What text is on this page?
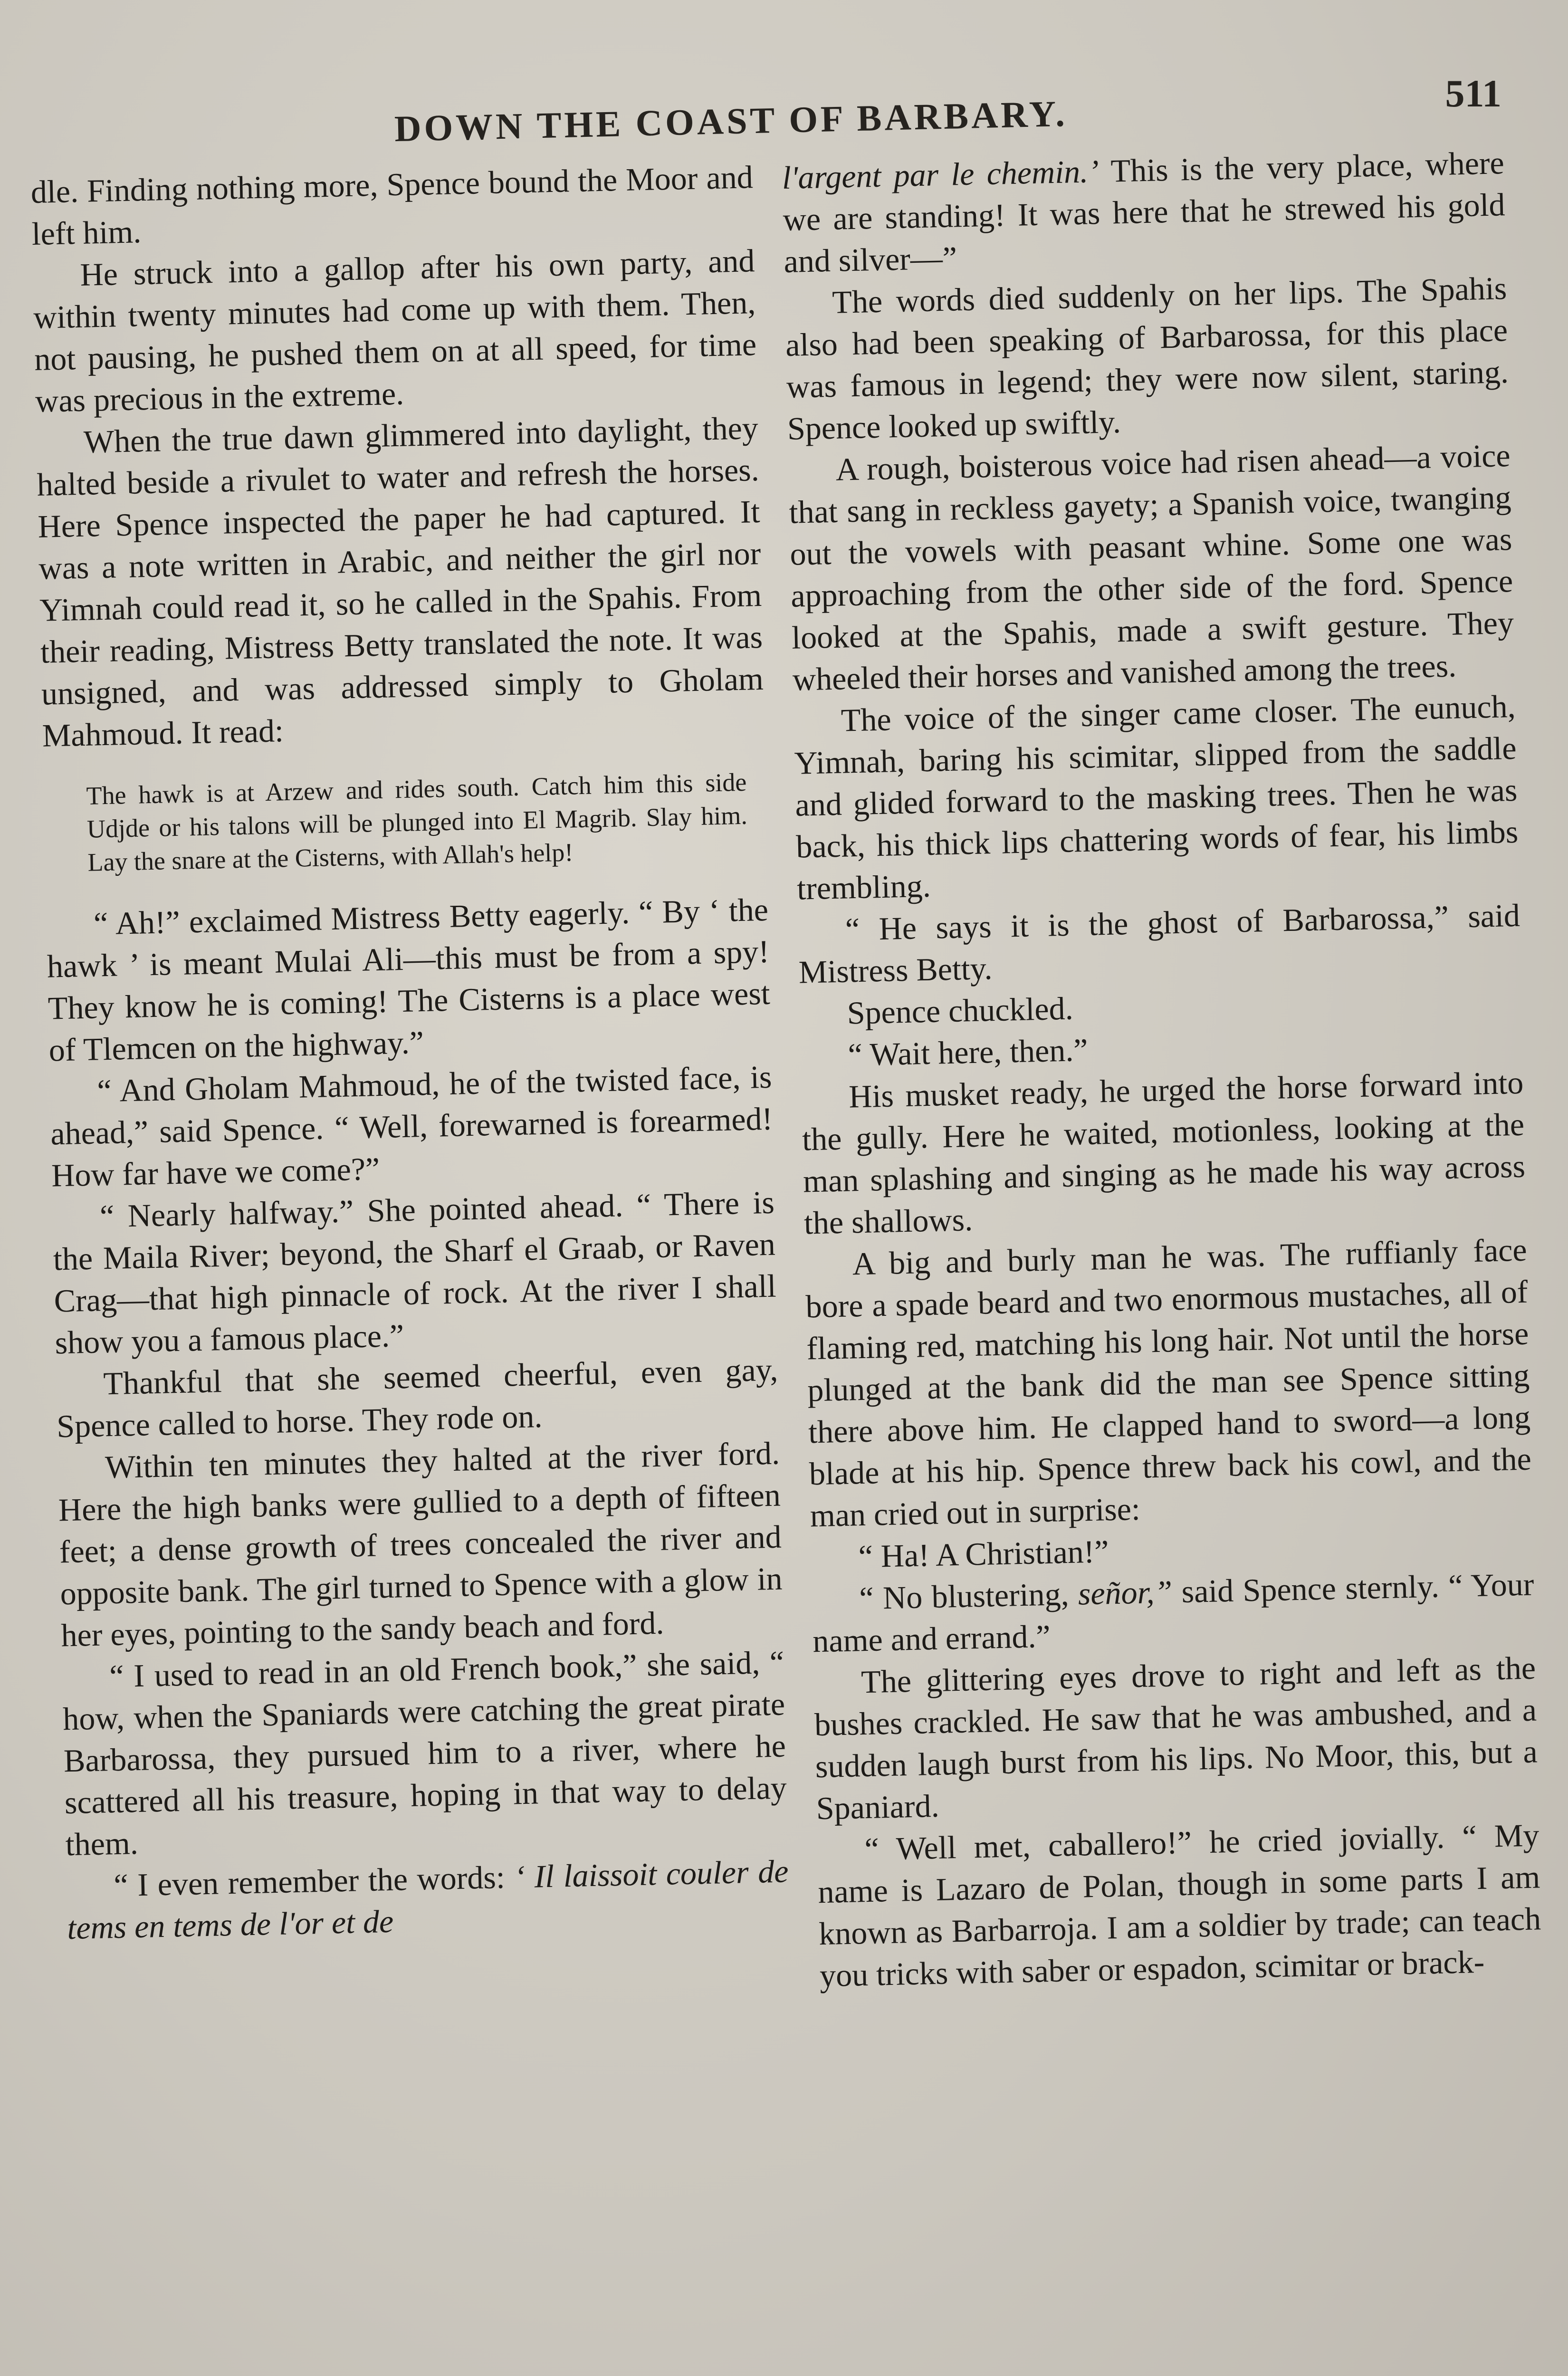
DOWN THE COAST OF BARBARY.	511

dle. Finding nothing more, Spence bound the Moor and left him.

He struck into a gallop after his own party, and within twenty minutes had come up with them. Then, not pausing, he pushed them on at all speed, for time was precious in the extreme.

When the true dawn glimmered into daylight, they halted beside a rivulet to water and refresh the horses. Here Spence inspected the paper he had captured. It was a note written in Arabic, and neither the girl nor Yimnah could read it, so he called in the Spahis. From their reading, Mistress Betty translated the note. It was unsigned, and was addressed simply to Gholam Mahmoud. It read:

The hawk is at Arzew and rides south. Catch him this side Udjde or his talons will be plunged into El Magrib. Slay him. Lay the snare at the Cisterns, with Allah's help!

“ Ah!” exclaimed Mistress Betty eagerly. “ By ‘ the hawk ’ is meant Mulai Ali—this must be from a spy! They know he is coming! The Cisterns is a place west of Tlemcen on the highway.”

“ And Gholam Mahmoud, he of the twisted face, is ahead,” said Spence. “ Well, forewarned is forearmed! How far have we come?”

“ Nearly halfway.” She pointed ahead. “ There is the Maila River; beyond, the Sharf el Graab, or Raven Crag—that high pinnacle of rock. At the river I shall show you a famous place.”

Thankful that she seemed cheerful, even gay, Spence called to horse. They rode on.

Within ten minutes they halted at the river ford. Here the high banks were gullied to a depth of fifteen feet; a dense growth of trees concealed the river and opposite bank. The girl turned to Spence with a glow in her eyes, pointing to the sandy beach and ford.

“ I used to read in an old French book,” she said, “ how, when the Spaniards were catching the great pirate Barbarossa, they pursued him to a river, where he scattered all his treasure, hoping in that way to delay them.

“ I even remember the words: ‘ Il laissoit couler de tems en tems de l'or et de

l'argent par le chemin.’ This is the very place, where we are standing! It was here that he strewed his gold and silver—”

The words died suddenly on her lips. The Spahis also had been speaking of Barbarossa, for this place was famous in legend; they were now silent, staring. Spence looked up swiftly.

A rough, boisterous voice had risen ahead—a voice that sang in reckless gayety; a Spanish voice, twanging out the vowels with peasant whine. Some one was approaching from the other side of the ford. Spence looked at the Spahis, made a swift gesture. They wheeled their horses and vanished among the trees.

The voice of the singer came closer. The eunuch, Yimnah, baring his scimitar, slipped from the saddle and glided forward to the masking trees. Then he was back, his thick lips chattering words of fear, his limbs trembling.

“ He says it is the ghost of Barbarossa,” said Mistress Betty.

Spence chuckled.

“ Wait here, then.”

His musket ready, he urged the horse forward into the gully. Here he waited, motionless, looking at the man splashing and singing as he made his way across the shallows.

A big and burly man he was. The ruffianly face bore a spade beard and two enormous mustaches, all of flaming red, matching his long hair. Not until the horse plunged at the bank did the man see Spence sitting there above him. He clapped hand to sword—a long blade at his hip. Spence threw back his cowl, and the man cried out in surprise:

“ Ha! A Christian!”

“ No blustering, señor,” said Spence sternly. “ Your name and errand.”

The glittering eyes drove to right and left as the bushes crackled. He saw that he was ambushed, and a sudden laugh burst from his lips. No Moor, this, but a Spaniard.

“ Well met, caballero!” he cried jovially. “ My name is Lazaro de Polan, though in some parts I am known as Barbarroja. I am a soldier by trade; can teach you tricks with saber or espadon, scimitar or brack-
